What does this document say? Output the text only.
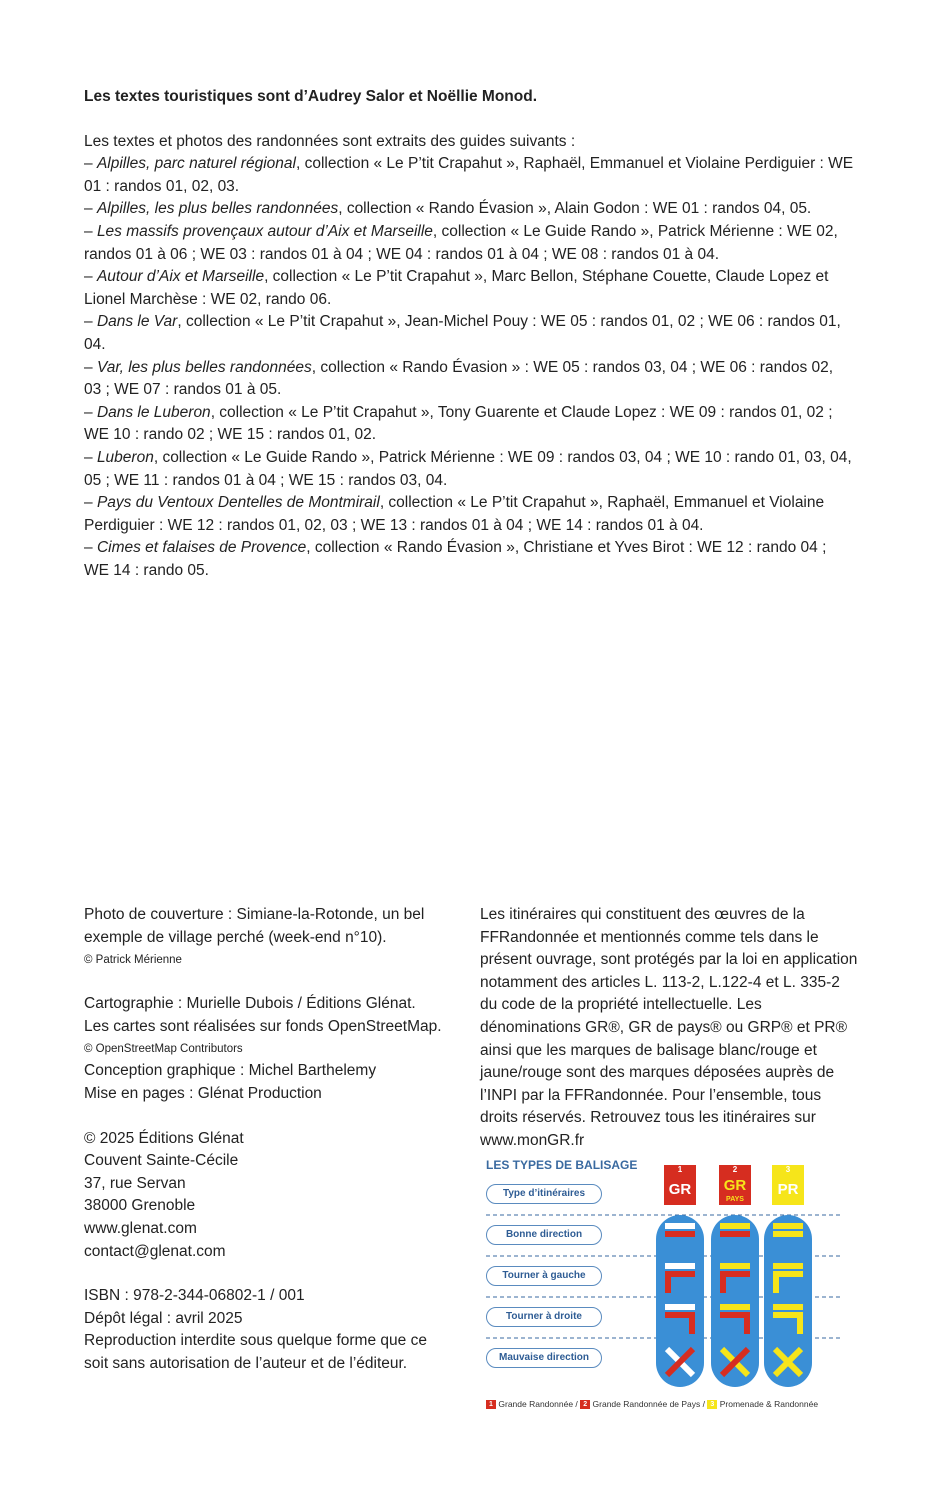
Les textes touristiques sont d’Audrey Salor et Noëllie Monod.

Les textes et photos des randonnées sont extraits des guides suivants :

– Alpilles, parc naturel régional, collection « Le P’tit Crapahut », Raphaël, Emmanuel et Violaine Perdiguier : WE 01 : randos 01, 02, 03.

– Alpilles, les plus belles randonnées, collection « Rando Évasion », Alain Godon : WE 01 : randos 04, 05.

– Les massifs provençaux autour d’Aix et Marseille, collection « Le Guide Rando », Patrick Mérienne : WE 02, randos 01 à 06 ; WE 03 : randos 01 à 04 ; WE 04 : randos 01 à 04 ; WE 08 : randos 01 à 04.

– Autour d’Aix et Marseille, collection « Le P’tit Crapahut », Marc Bellon, Stéphane Couette, Claude Lopez et Lionel Marchèse : WE 02, rando 06.

– Dans le Var, collection « Le P’tit Crapahut », Jean-Michel Pouy : WE 05 : randos 01, 02 ; WE 06 : randos 01, 04.

– Var, les plus belles randonnées, collection « Rando Évasion » : WE 05 : randos 03, 04 ; WE 06 : randos 02, 03 ; WE 07 : randos 01 à 05.

– Dans le Luberon, collection « Le P’tit Crapahut », Tony Guarente et Claude Lopez : WE 09 : randos 01, 02 ; WE 10 : rando 02 ; WE 15 : randos 01, 02.

– Luberon, collection « Le Guide Rando », Patrick Mérienne : WE 09 : randos 03, 04 ; WE 10 : rando 01, 03, 04, 05 ; WE 11 : randos 01 à 04 ; WE 15 : randos 03, 04.

– Pays du Ventoux Dentelles de Montmirail, collection « Le P’tit Crapahut », Raphaël, Emmanuel et Violaine Perdiguier : WE 12 : randos 01, 02, 03 ; WE 13 : randos 01 à 04 ; WE 14 : randos 01 à 04.

– Cimes et falaises de Provence, collection « Rando Évasion », Christiane et Yves Birot : WE 12 : rando 04 ; WE 14 : rando 05.

Photo de couverture : Simiane-la-Rotonde, un bel exemple de village perché (week-end n°10).

© Patrick Mérienne

Cartographie : Murielle Dubois / Éditions Glénat.

Les cartes sont réalisées sur fonds OpenStreetMap.

© OpenStreetMap Contributors

Conception graphique : Michel Barthelemy

Mise en pages : Glénat Production

© 2025 Éditions Glénat

Couvent Sainte-Cécile

37, rue Servan

38000 Grenoble

www.glenat.com

contact@glenat.com

ISBN : 978-2-344-06802-1 / 001

Dépôt légal : avril 2025

Reproduction interdite sous quelque forme que ce soit sans autorisation de l’auteur et de l’éditeur.

Les itinéraires qui constituent des œuvres de la FFRandonnée et mentionnés comme tels dans le présent ouvrage, sont protégés par la loi en application notamment des articles L. 113-2, L.122-4 et L. 335-2 du code de la propriété intellectuelle. Les dénominations GR®, GR de pays® ou GRP® et PR® ainsi que les marques de balisage blanc/rouge et jaune/rouge sont des marques déposées auprès de l’INPI par la FFRandonnée. Pour l’ensemble, tous droits réservés. Retrouvez tous les itinéraires sur www.monGR.fr

LES TYPES DE BALISAGE
Type d’itinéraires
Bonne direction
Tourner à gauche
Tourner à droite
Mauvaise direction
1
GR
2
GR
PAYS
3
PR
1 Grande Randonnée / 2 Grande Randonnée de Pays / 3 Promenade & Randonnée
